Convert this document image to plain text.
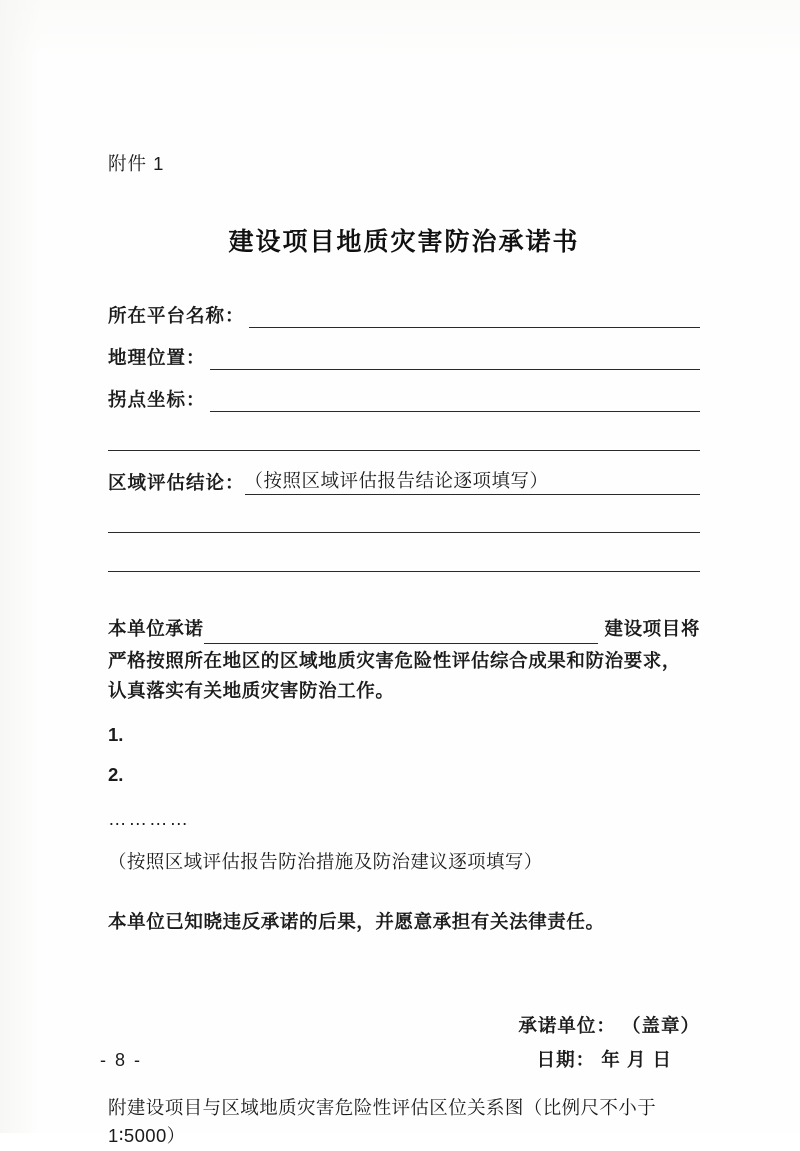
附件 1
建设项目地质灾害防治承诺书
所在平台名称：
地理位置：
拐点坐标：
区域评估结论： （按照区域评估报告结论逐项填写）
本单位承诺	建设项目将
严格按照所在地区的区域地质灾害危险性评估综合成果和防治要求，认真落实有关地质灾害防治工作。
1.
2.
…………
（按照区域评估报告防治措施及防治建议逐项填写）
本单位已知晓违反承诺的后果，并愿意承担有关法律责任。
承诺单位： （盖章）
日期： 年 月 日
附建设项目与区域地质灾害危险性评估区位关系图（比例尺不小于1∶5000）
- 8 -
